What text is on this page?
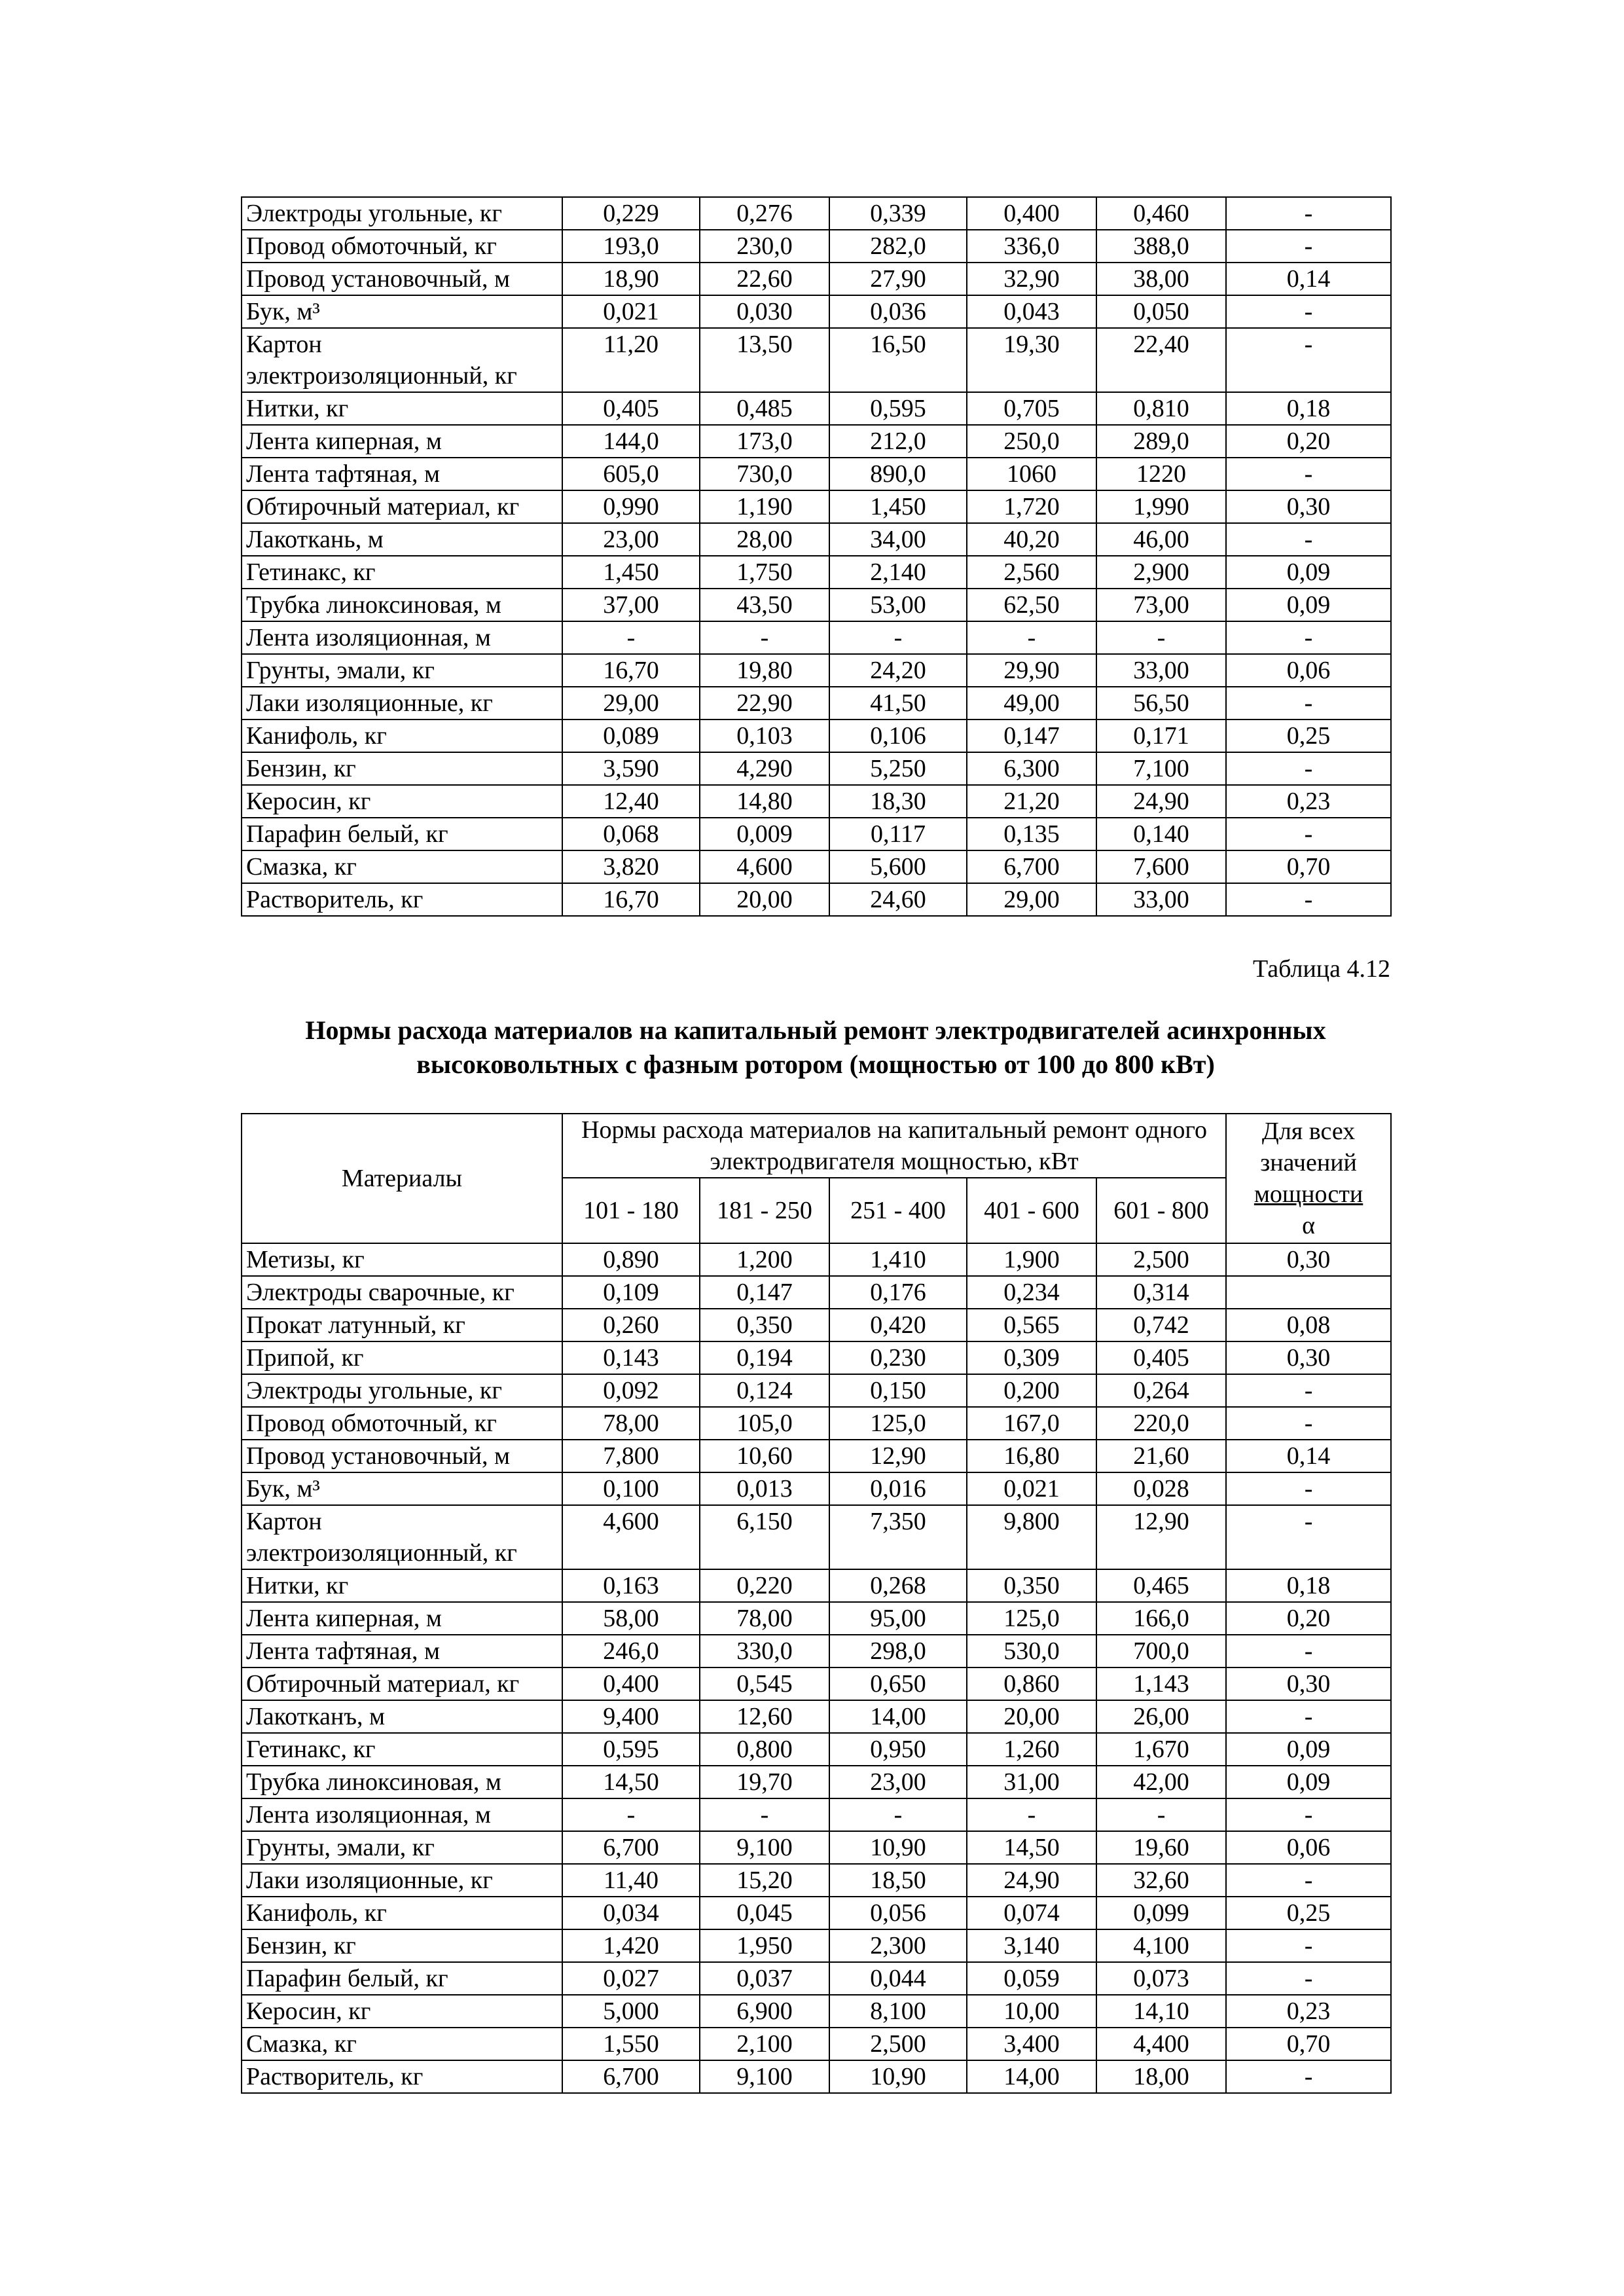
Электроды угольные, кг	0,229	0,276	0,339	0,400	0,460	-
Провод обмоточный, кг	193,0	230,0	282,0	336,0	388,0	-
Провод установочный, м	18,90	22,60	27,90	32,90	38,00	0,14
Бук, м³	0,021	0,030	0,036	0,043	0,050	-
Картон электроизоляционный, кг	11,20	13,50	16,50	19,30	22,40	-
Нитки, кг	0,405	0,485	0,595	0,705	0,810	0,18
Лента киперная, м	144,0	173,0	212,0	250,0	289,0	0,20
Лента тафтяная, м	605,0	730,0	890,0	1060	1220	-
Обтирочный материал, кг	0,990	1,190	1,450	1,720	1,990	0,30
Лакоткань, м	23,00	28,00	34,00	40,20	46,00	-
Гетинакс, кг	1,450	1,750	2,140	2,560	2,900	0,09
Трубка линоксиновая, м	37,00	43,50	53,00	62,50	73,00	0,09
Лента изоляционная, м	-	-	-	-	-	-
Грунты, эмали, кг	16,70	19,80	24,20	29,90	33,00	0,06
Лаки изоляционные, кг	29,00	22,90	41,50	49,00	56,50	-
Канифоль, кг	0,089	0,103	0,106	0,147	0,171	0,25
Бензин, кг	3,590	4,290	5,250	6,300	7,100	-
Керосин, кг	12,40	14,80	18,30	21,20	24,90	0,23
Парафин белый, кг	0,068	0,009	0,117	0,135	0,140	-
Смазка, кг	3,820	4,600	5,600	6,700	7,600	0,70
Растворитель, кг	16,70	20,00	24,60	29,00	33,00	-
Таблица 4.12
Нормы расхода материалов на капитальный ремонт электродвигателей асинхронных высоковольтных с фазным ротором (мощностью от 100 до 800 кВт)
Материалы	Нормы расхода материалов на капитальный ремонт одного электродвигателя мощностью, кВт					Для всех значений
мощности
α

	101 - 180	181 - 250	251 - 400	401 - 600	601 - 800	
Метизы, кг	0,890	1,200	1,410	1,900	2,500	0,30
Электроды сварочные, кг	0,109	0,147	0,176	0,234	0,314	
Прокат латунный, кг	0,260	0,350	0,420	0,565	0,742	0,08
Припой, кг	0,143	0,194	0,230	0,309	0,405	0,30
Электроды угольные, кг	0,092	0,124	0,150	0,200	0,264	-
Провод обмоточный, кг	78,00	105,0	125,0	167,0	220,0	-
Провод установочный, м	7,800	10,60	12,90	16,80	21,60	0,14
Бук, м³	0,100	0,013	0,016	0,021	0,028	-
Картон электроизоляционный, кг	4,600	6,150	7,350	9,800	12,90	-
Нитки, кг	0,163	0,220	0,268	0,350	0,465	0,18
Лента киперная, м	58,00	78,00	95,00	125,0	166,0	0,20
Лента тафтяная, м	246,0	330,0	298,0	530,0	700,0	-
Обтирочный материал, кг	0,400	0,545	0,650	0,860	1,143	0,30
Лакотканъ, м	9,400	12,60	14,00	20,00	26,00	-
Гетинакс, кг	0,595	0,800	0,950	1,260	1,670	0,09
Трубка линоксиновая, м	14,50	19,70	23,00	31,00	42,00	0,09
Лента изоляционная, м	-	-	-	-	-	-
Грунты, эмали, кг	6,700	9,100	10,90	14,50	19,60	0,06
Лаки изоляционные, кг	11,40	15,20	18,50	24,90	32,60	-
Канифоль, кг	0,034	0,045	0,056	0,074	0,099	0,25
Бензин, кг	1,420	1,950	2,300	3,140	4,100	-
Парафин белый, кг	0,027	0,037	0,044	0,059	0,073	-
Керосин, кг	5,000	6,900	8,100	10,00	14,10	0,23
Смазка, кг	1,550	2,100	2,500	3,400	4,400	0,70
Растворитель, кг	6,700	9,100	10,90	14,00	18,00	-
